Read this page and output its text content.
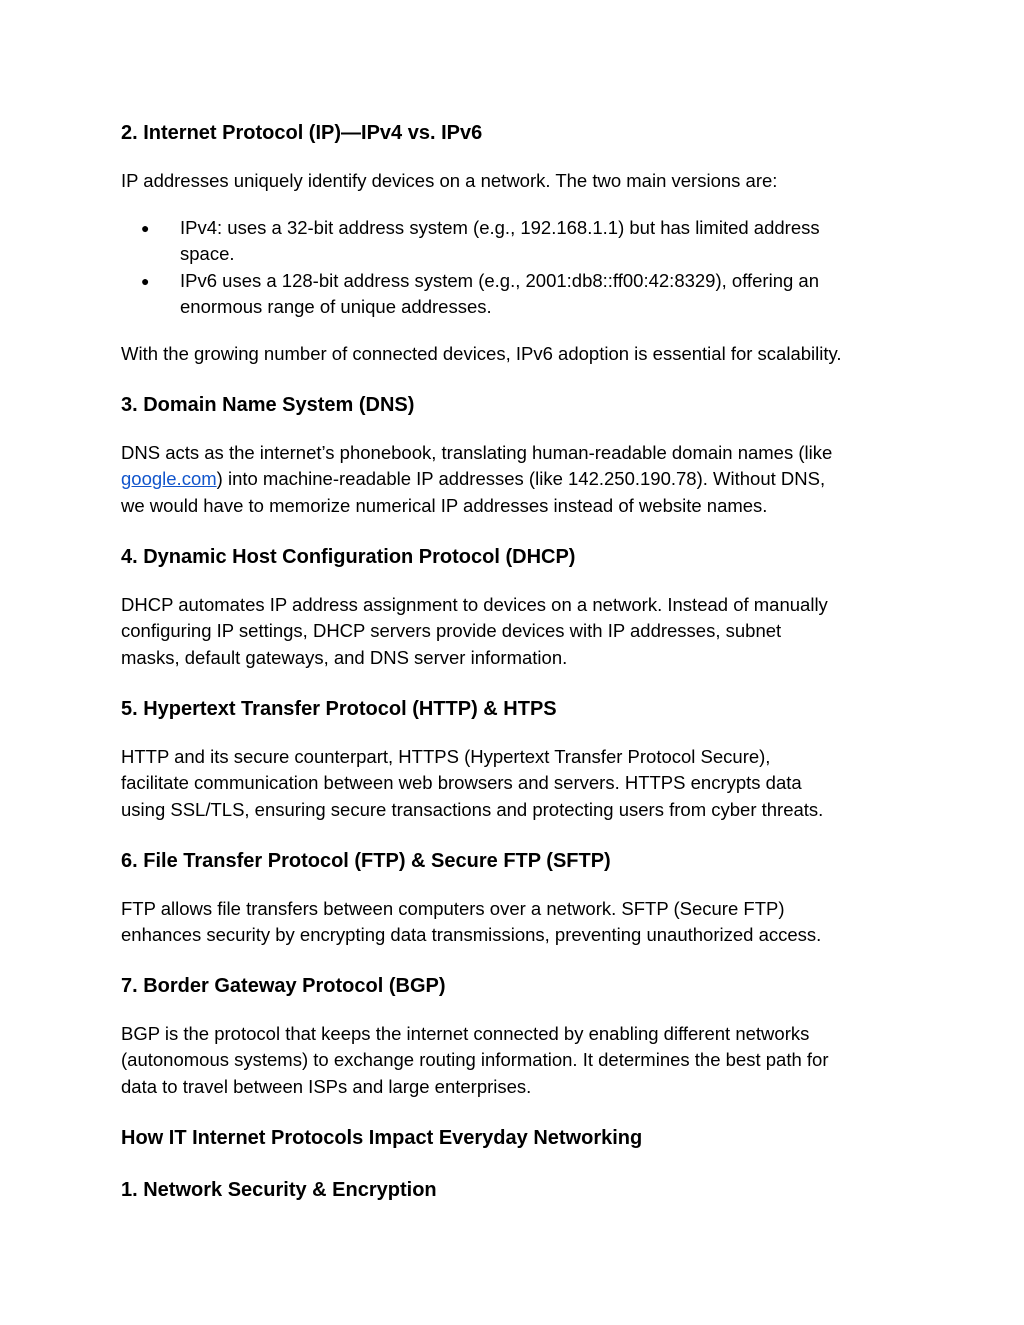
2. Internet Protocol (IP)—IPv4 vs. IPv6

IP addresses uniquely identify devices on a network. The two main versions are:

● IPv4: uses a 32-bit address system (e.g., 192.168.1.1) but has limited address
space.
● IPv6 uses a 128-bit address system (e.g., 2001:db8::ff00:42:8329), offering an
enormous range of unique addresses.

With the growing number of connected devices, IPv6 adoption is essential for scalability.

3. Domain Name System (DNS)

DNS acts as the internet’s phonebook, translating human-readable domain names (like
google.com) into machine-readable IP addresses (like 142.250.190.78). Without DNS,
we would have to memorize numerical IP addresses instead of website names.

4. Dynamic Host Configuration Protocol (DHCP)

DHCP automates IP address assignment to devices on a network. Instead of manually
configuring IP settings, DHCP servers provide devices with IP addresses, subnet
masks, default gateways, and DNS server information.

5. Hypertext Transfer Protocol (HTTP) & HTPS

HTTP and its secure counterpart, HTTPS (Hypertext Transfer Protocol Secure),
facilitate communication between web browsers and servers. HTTPS encrypts data
using SSL/TLS, ensuring secure transactions and protecting users from cyber threats.

6. File Transfer Protocol (FTP) & Secure FTP (SFTP)

FTP allows file transfers between computers over a network. SFTP (Secure FTP)
enhances security by encrypting data transmissions, preventing unauthorized access.

7. Border Gateway Protocol (BGP)

BGP is the protocol that keeps the internet connected by enabling different networks
(autonomous systems) to exchange routing information. It determines the best path for
data to travel between ISPs and large enterprises.

How IT Internet Protocols Impact Everyday Networking
1. Network Security & Encryption
